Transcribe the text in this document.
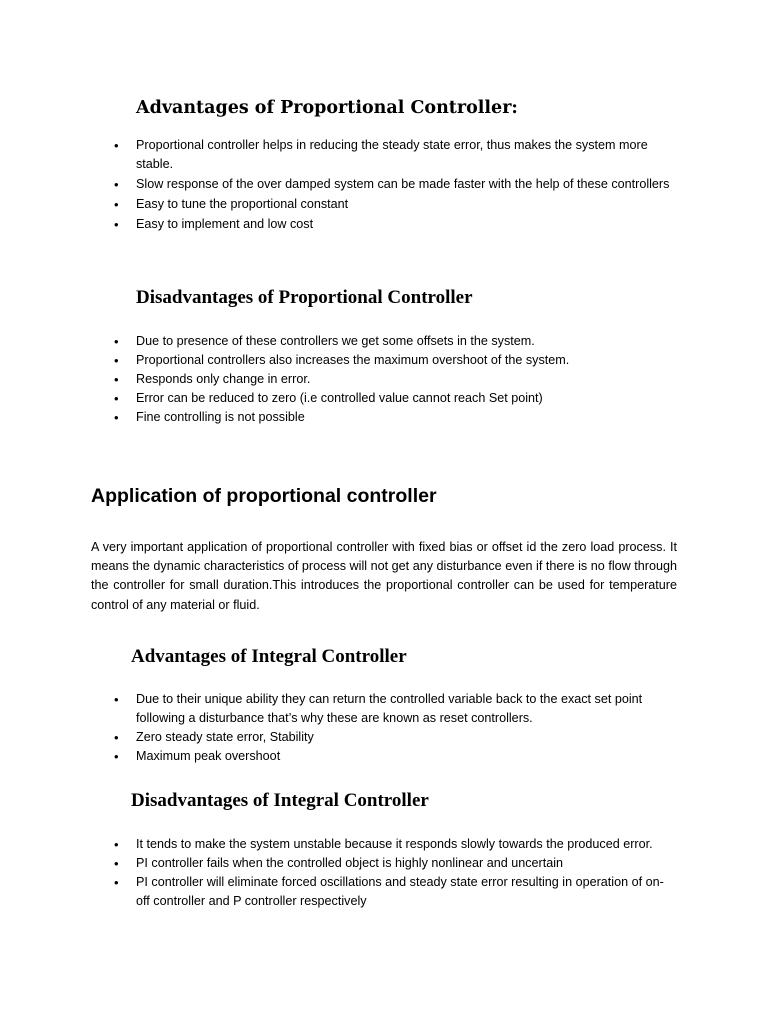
Advantages of Proportional Controller:
• Proportional controller helps in reducing the steady state error, thus makes the system more stable.
• Slow response of the over damped system can be made faster with the help of these controllers
• Easy to tune the proportional constant
• Easy to implement and low cost
Disadvantages of Proportional Controller
• Due to presence of these controllers we get some offsets in the system.
• Proportional controllers also increases the maximum overshoot of the system.
• Responds only change in error.
• Error can be reduced to zero (i.e controlled value cannot reach Set point)
• Fine controlling is not possible
Application of proportional controller

A very important application of proportional controller with fixed bias or offset id the zero load process. It means the dynamic characteristics of process will not get any disturbance even if there is no flow through the controller for small duration.This introduces the proportional controller can be used for temperature control of any material or fluid.

Advantages of Integral Controller
• Due to their unique ability they can return the controlled variable back to the exact set point following a disturbance that’s why these are known as reset controllers.
• Zero steady state error, Stability
• Maximum peak overshoot
Disadvantages of Integral Controller
• It tends to make the system unstable because it responds slowly towards the produced error.
• PI controller fails when the controlled object is highly nonlinear and uncertain
• PI controller will eliminate forced oscillations and steady state error resulting in operation of on-off controller and P controller respectively
